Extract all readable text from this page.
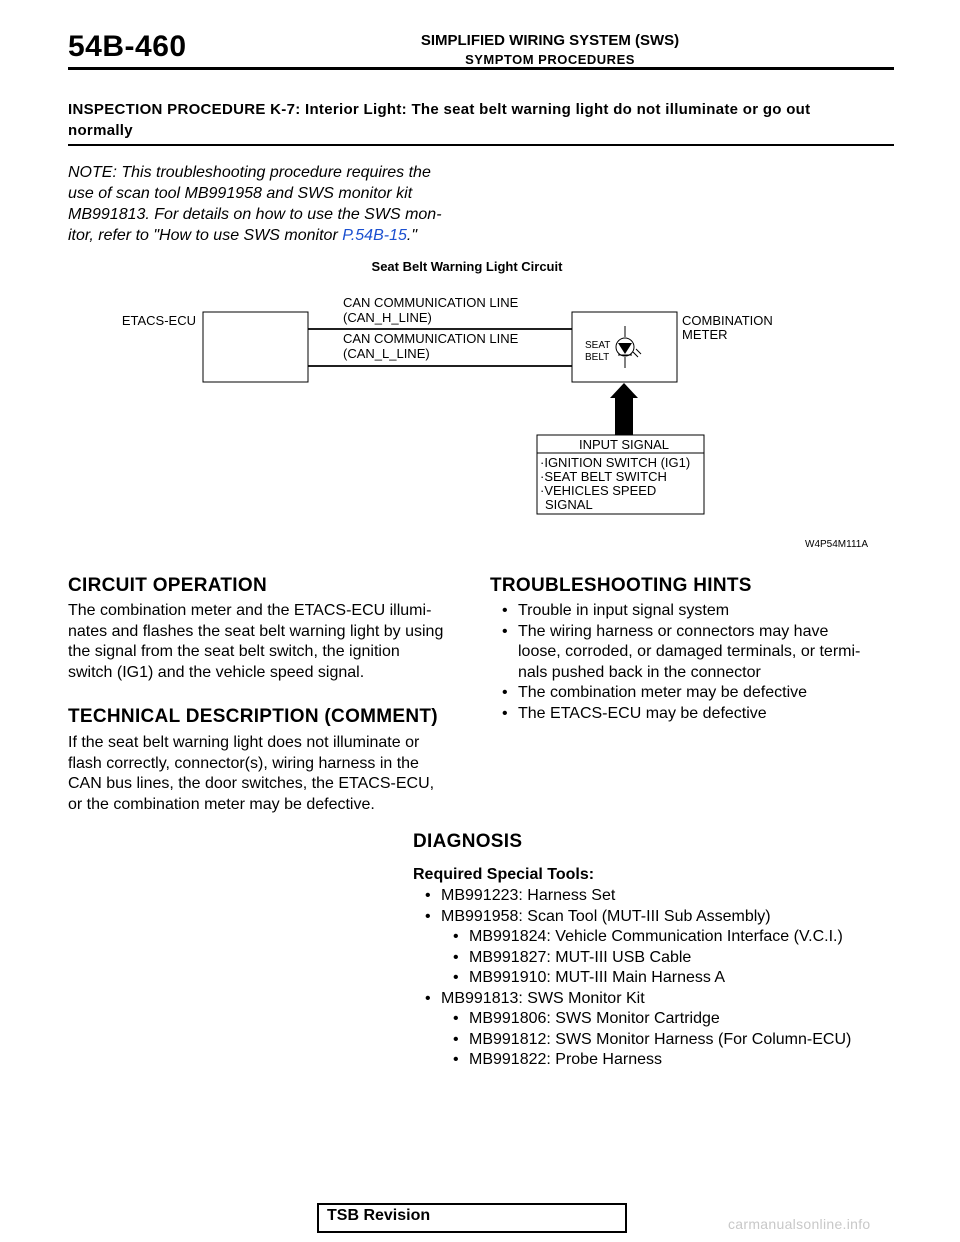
54B-460	SIMPLIFIED WIRING SYSTEM (SWS)
SYMPTOM PROCEDURES
INSPECTION PROCEDURE K-7: Interior Light: The seat belt warning light do not illuminate or go out
normally
NOTE: This troubleshooting procedure requires the
use of scan tool MB991958 and SWS monitor kit
MB991813. For details on how to use the SWS mon-
itor, refer to "How to use SWS monitor P.54B-15."
Seat Belt Warning Light Circuit
ETACS-ECU
CAN COMMUNICATION LINE
(CAN_H_LINE)
CAN COMMUNICATION LINE
(CAN_L_LINE)
COMBINATION
METER
SEAT
BELT
INPUT SIGNAL
·IGNITION SWITCH (IG1)
·SEAT BELT SWITCH
·VEHICLES SPEED
SIGNAL
W4P54M111A
CIRCUIT OPERATION
The combination meter and the ETACS-ECU illumi-
nates and flashes the seat belt warning light by using
the signal from the seat belt switch, the ignition
switch (IG1) and the vehicle speed signal.
TECHNICAL DESCRIPTION (COMMENT)
If the seat belt warning light does not illuminate or
flash correctly, connector(s), wiring harness in the
CAN bus lines, the door switches, the ETACS-ECU,
or the combination meter may be defective.
TROUBLESHOOTING HINTS
• Trouble in input signal system
• The wiring harness or connectors may have
loose, corroded, or damaged terminals, or termi-
nals pushed back in the connector
• The combination meter may be defective
• The ETACS-ECU may be defective
DIAGNOSIS
Required Special Tools:
• MB991223: Harness Set
• MB991958: Scan Tool (MUT-III Sub Assembly)
• MB991824: Vehicle Communication Interface (V.C.I.)
• MB991827: MUT-III USB Cable
• MB991910: MUT-III Main Harness A
• MB991813: SWS Monitor Kit
• MB991806: SWS Monitor Cartridge
• MB991812: SWS Monitor Harness (For Column-ECU)
• MB991822: Probe Harness
TSB Revision	carmanualsonline.info
